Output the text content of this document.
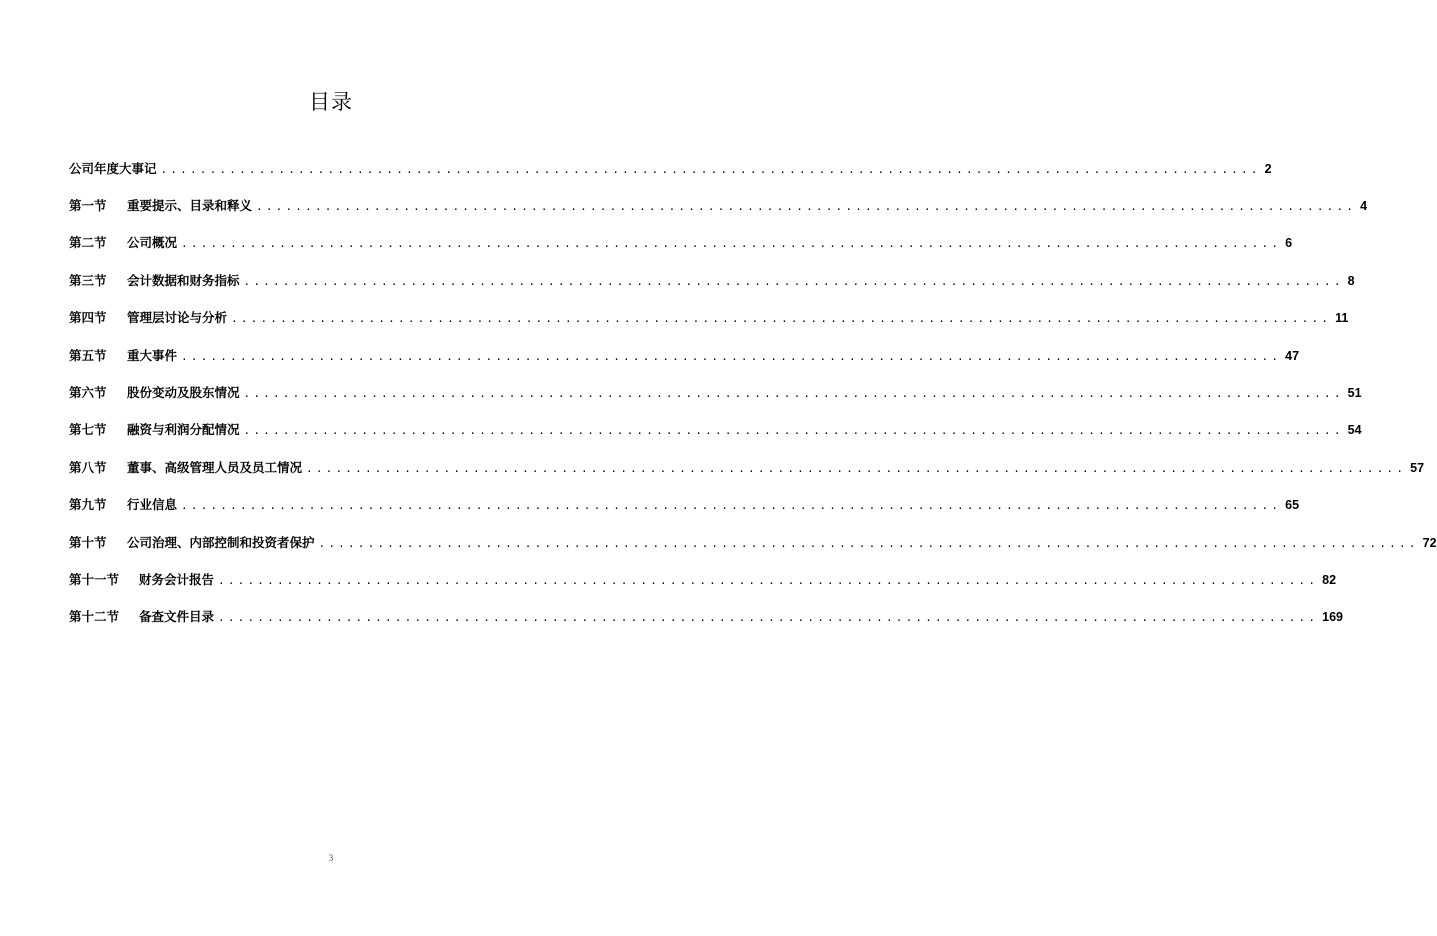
目录
公司年度大事记 ................................................................................................................ 2
第一节	重要提示、目录和释义 ................................................................................................................ 4
第二节	公司概况 ................................................................................................................ 6
第三节	会计数据和财务指标 ................................................................................................................ 8
第四节	管理层讨论与分析 ................................................................................................................ 11
第五节	重大事件 ................................................................................................................ 47
第六节	股份变动及股东情况 ................................................................................................................ 51
第七节	融资与利润分配情况 ................................................................................................................ 54
第八节	董事、高级管理人员及员工情况 ................................................................................................................ 57
第九节	行业信息 ................................................................................................................ 65
第十节	公司治理、内部控制和投资者保护 ................................................................................................................ 72
第十一节	财务会计报告 ................................................................................................................ 82
第十二节	备查文件目录 ................................................................................................................ 169
3
